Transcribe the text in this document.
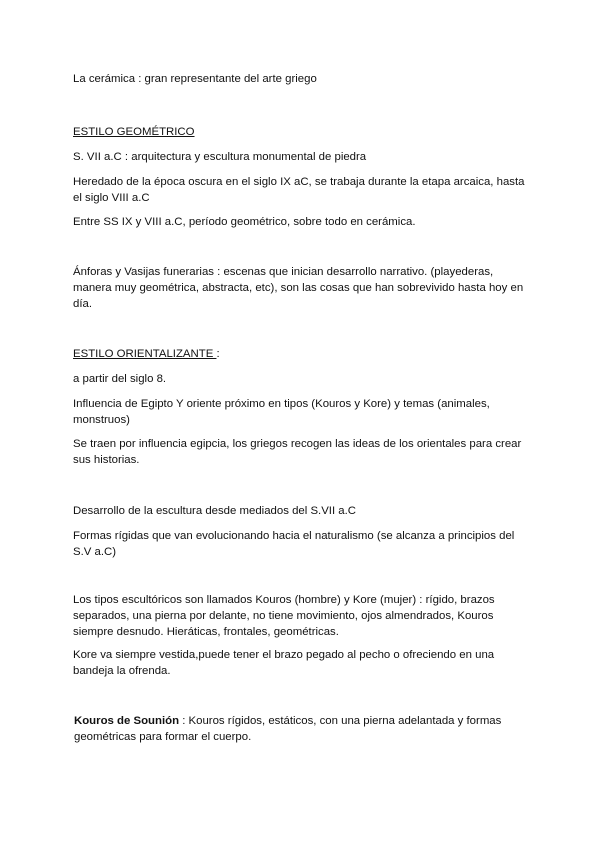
La cerámica : gran representante del arte griego

ESTILO GEOMÉTRICO

S. VII a.C : arquitectura y escultura monumental de piedra

Heredado de la época oscura en el siglo IX aC, se trabaja durante la etapa arcaica, hasta el siglo VIII a.C

Entre SS IX y VIII a.C, período geométrico, sobre todo en cerámica.

Ánforas y Vasijas funerarias : escenas que inician desarrollo narrativo. (playederas, manera muy geométrica, abstracta, etc), son las cosas que han sobrevivido hasta hoy en día.

ESTILO ORIENTALIZANTE :

a partir del siglo 8.

Influencia de Egipto Y oriente próximo en tipos (Kouros y Kore) y temas (animales, monstruos)

Se traen por influencia egipcia, los griegos recogen las ideas de los orientales para crear sus historias.

Desarrollo de la escultura desde mediados del S.VII a.C

Formas rígidas que van evolucionando hacia el naturalismo (se alcanza a principios del S.V a.C)

Los tipos escultóricos son llamados Kouros (hombre) y Kore (mujer) : rígido, brazos separados, una pierna por delante, no tiene movimiento, ojos almendrados, Kouros siempre desnudo. Hieráticas, frontales, geométricas.

Kore va siempre vestida,puede tener el brazo pegado al pecho o ofreciendo en una bandeja la ofrenda.

Kouros de Sounión : Kouros rígidos, estáticos, con una pierna adelantada y formas geométricas para formar el cuerpo.
